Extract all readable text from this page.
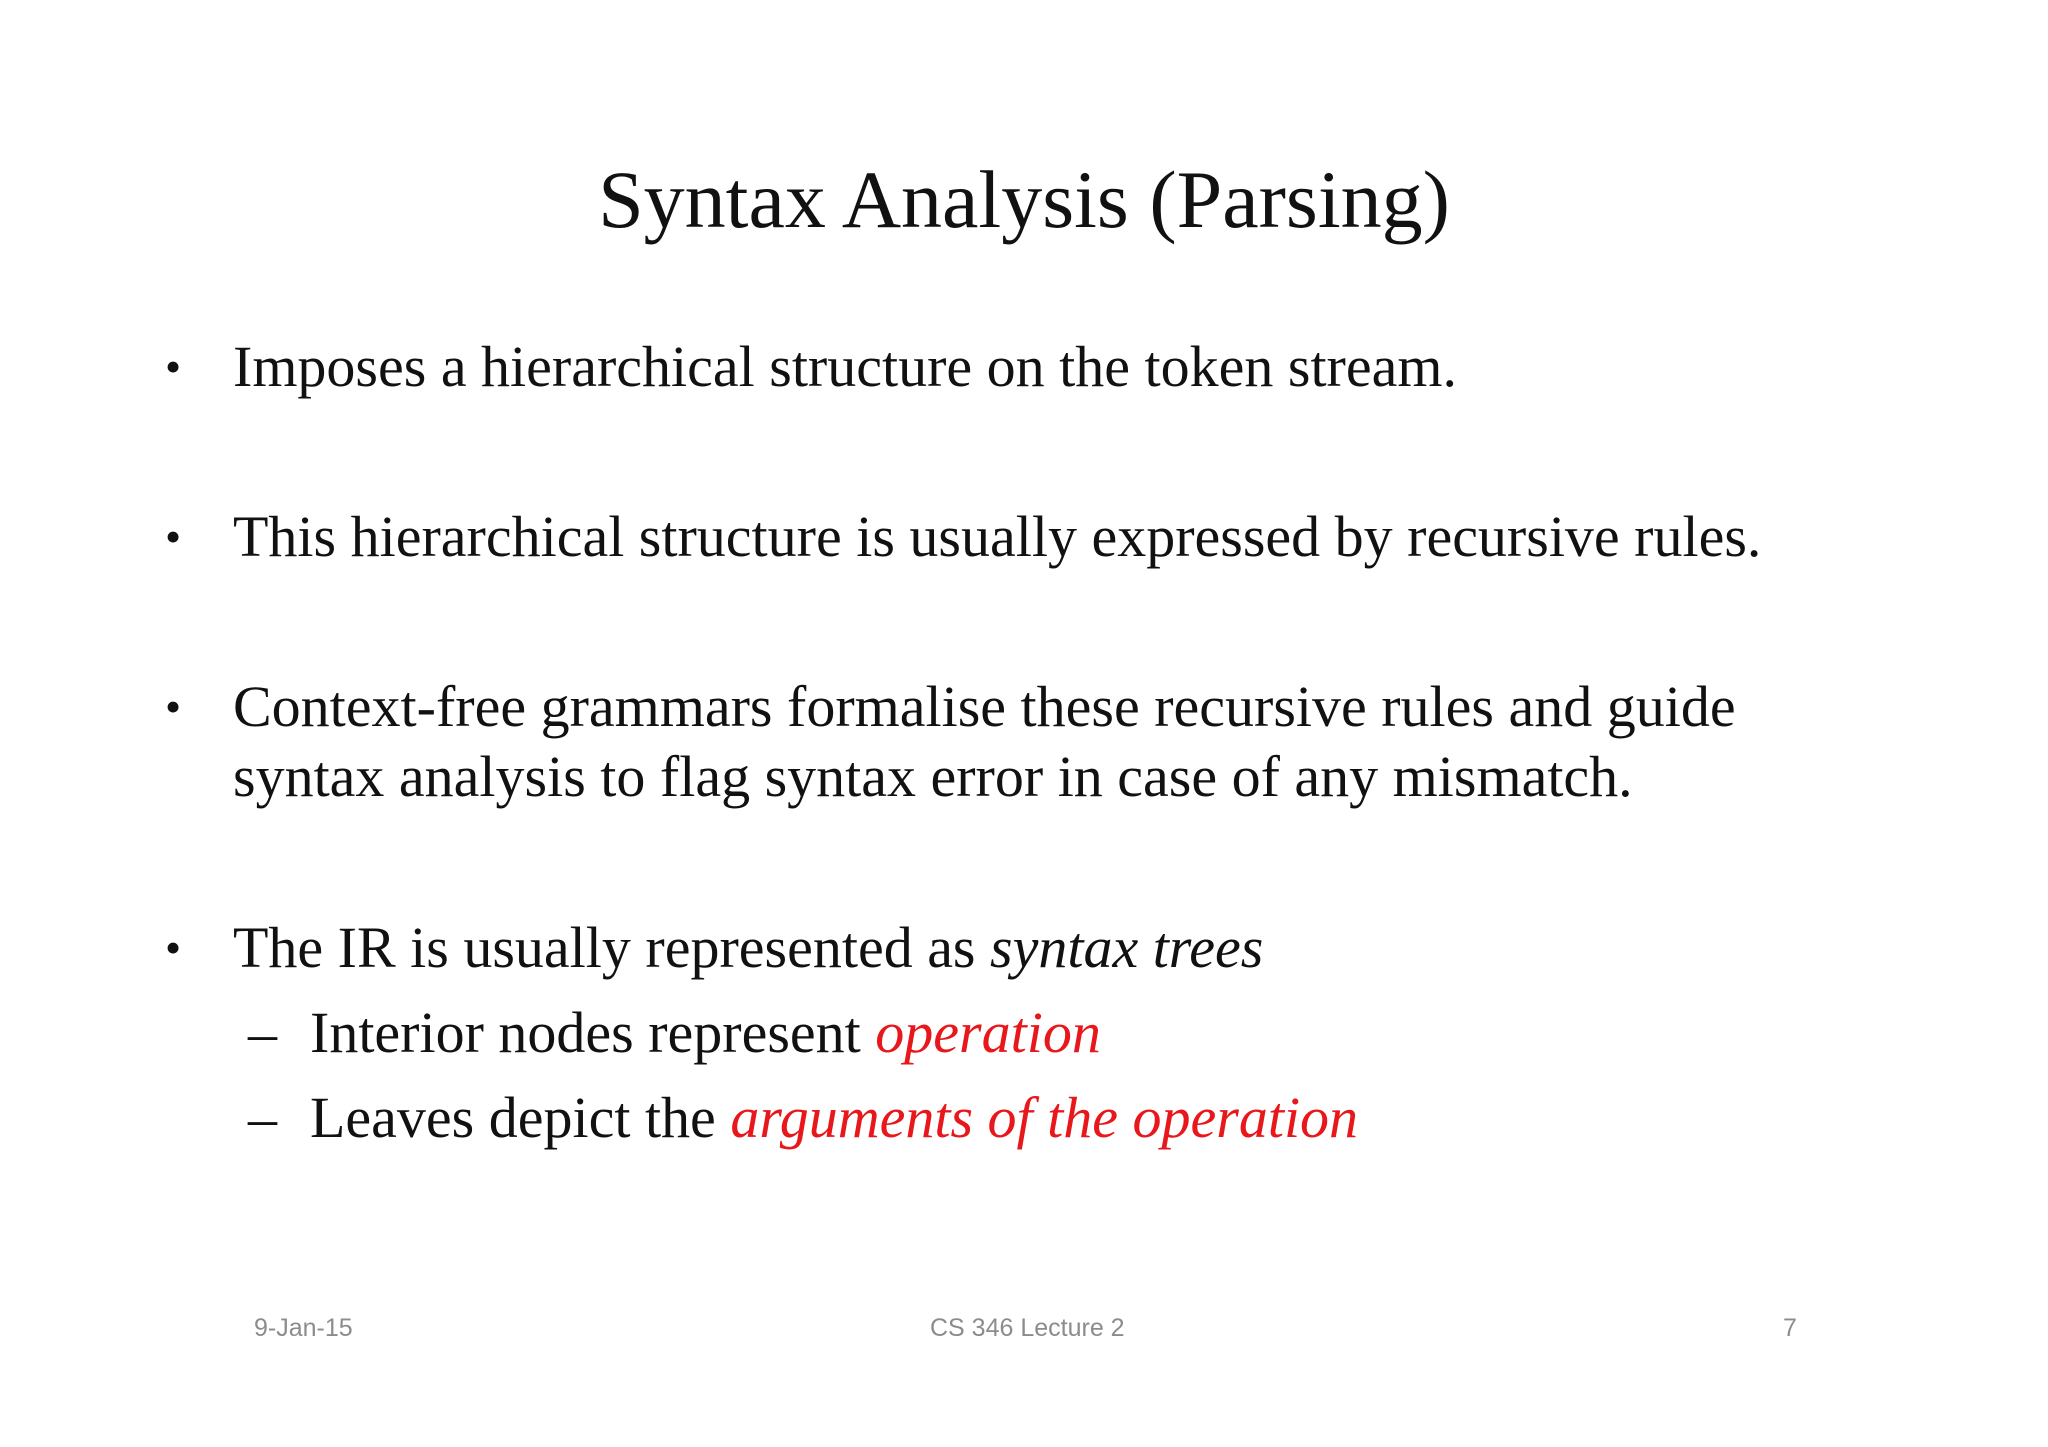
Syntax Analysis (Parsing)
• Imposes a hierarchical structure on the token stream.
• This hierarchical structure is usually expressed by recursive rules.
• Context-free grammars formalise these recursive rules and guide
syntax analysis to flag syntax error in case of any mismatch.
• The IR is usually represented as syntax trees
– Interior nodes represent operation
– Leaves depict the arguments of the operation
9-Jan-15	CS 346 Lecture 2	7
